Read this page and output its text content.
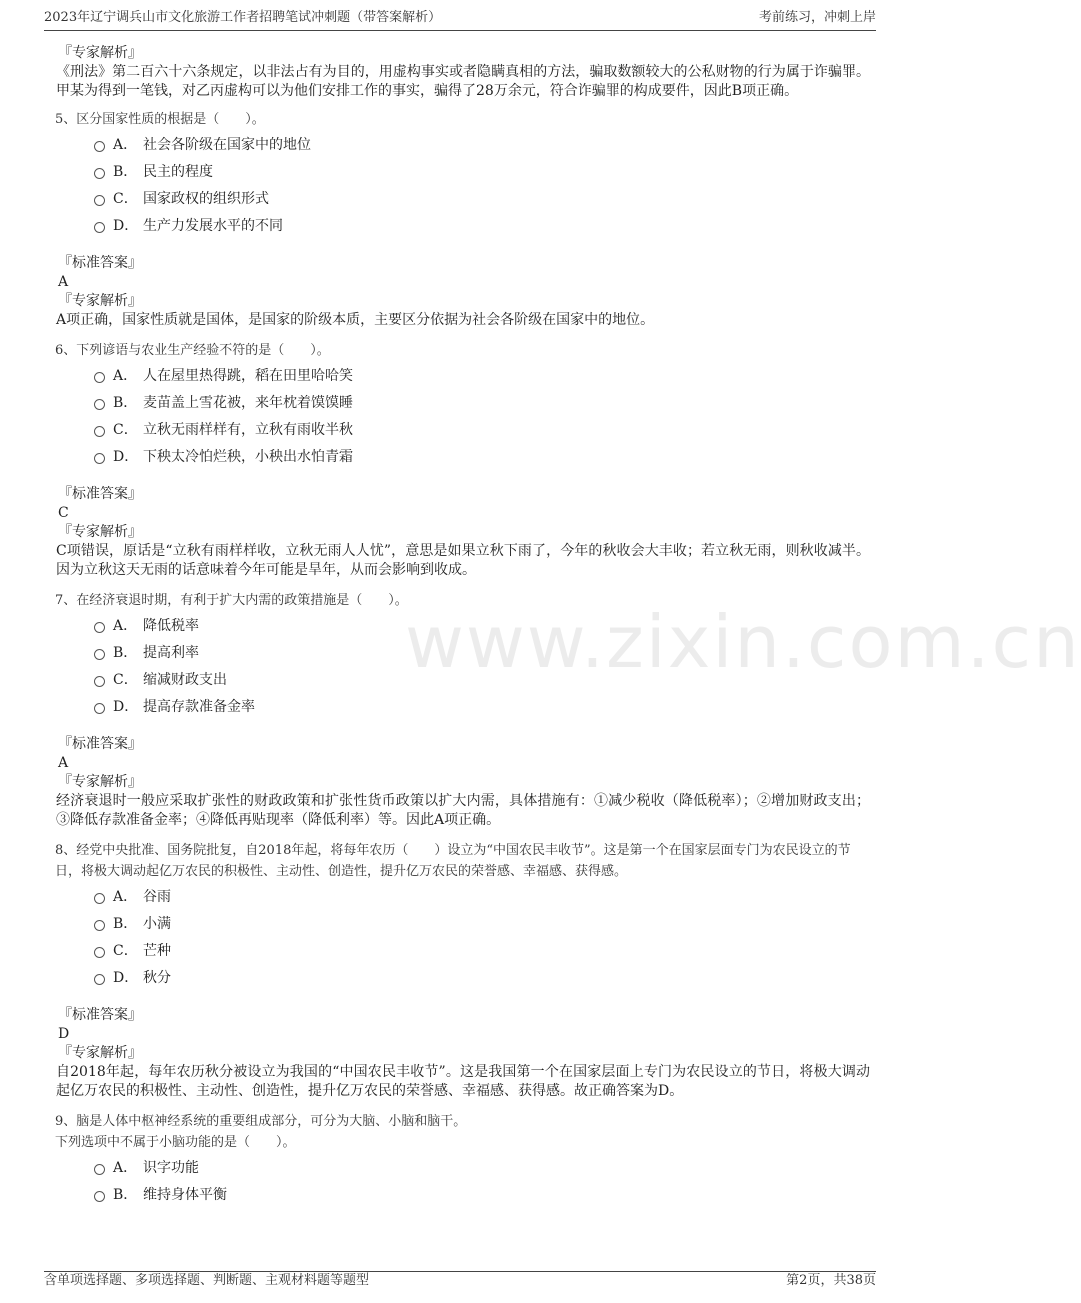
2023年辽宁调兵山市文化旅游工作者招聘笔试冲刺题（带答案解析）	考前练习，冲刺上岸
www.zixin.com.cn
『专家解析』
《刑法》第二百六十六条规定，以非法占有为目的，用虚构事实或者隐瞒真相的方法，骗取数额较大的公私财物的行为属于诈骗罪。甲某为得到一笔钱，对乙丙虚构可以为他们安排工作的事实，骗得了28万余元，符合诈骗罪的构成要件，因此B项正确。
5、区分国家性质的根据是（　　）。
A． 社会各阶级在国家中的地位
B． 民主的程度
C． 国家政权的组织形式
D． 生产力发展水平的不同
『标准答案』
A
『专家解析』
A项正确，国家性质就是国体，是国家的阶级本质，主要区分依据为社会各阶级在国家中的地位。
6、下列谚语与农业生产经验不符的是（　　）。
A． 人在屋里热得跳，稻在田里哈哈笑
B． 麦苗盖上雪花被，来年枕着馍馍睡
C． 立秋无雨样样有，立秋有雨收半秋
D． 下秧太冷怕烂秧，小秧出水怕青霜
『标准答案』
C
『专家解析』
C项错误，原话是“立秋有雨样样收，立秋无雨人人忧”，意思是如果立秋下雨了，今年的秋收会大丰收；若立秋无雨，则秋收减半。因为立秋这天无雨的话意味着今年可能是旱年，从而会影响到收成。
7、在经济衰退时期，有利于扩大内需的政策措施是（　　）。
A． 降低税率
B． 提高利率
C． 缩减财政支出
D． 提高存款准备金率
『标准答案』
A
『专家解析』
经济衰退时一般应采取扩张性的财政政策和扩张性货币政策以扩大内需，具体措施有：①减少税收（降低税率）；②增加财政支出；③降低存款准备金率；④降低再贴现率（降低利率）等。因此A项正确。
8、经党中央批准、国务院批复，自2018年起，将每年农历（　　）设立为“中国农民丰收节”。这是第一个在国家层面专门为农民设立的节日，将极大调动起亿万农民的积极性、主动性、创造性，提升亿万农民的荣誉感、幸福感、获得感。
A． 谷雨
B． 小满
C． 芒种
D． 秋分
『标准答案』
D
『专家解析』
自2018年起，每年农历秋分被设立为我国的“中国农民丰收节”。这是我国第一个在国家层面上专门为农民设立的节日，将极大调动起亿万农民的积极性、主动性、创造性，提升亿万农民的荣誉感、幸福感、获得感。故正确答案为D。
9、脑是人体中枢神经系统的重要组成部分，可分为大脑、小脑和脑干。
下列选项中不属于小脑功能的是（　　）。
A． 识字功能
B． 维持身体平衡
含单项选择题、多项选择题、判断题、主观材料题等题型	第2页，共38页
